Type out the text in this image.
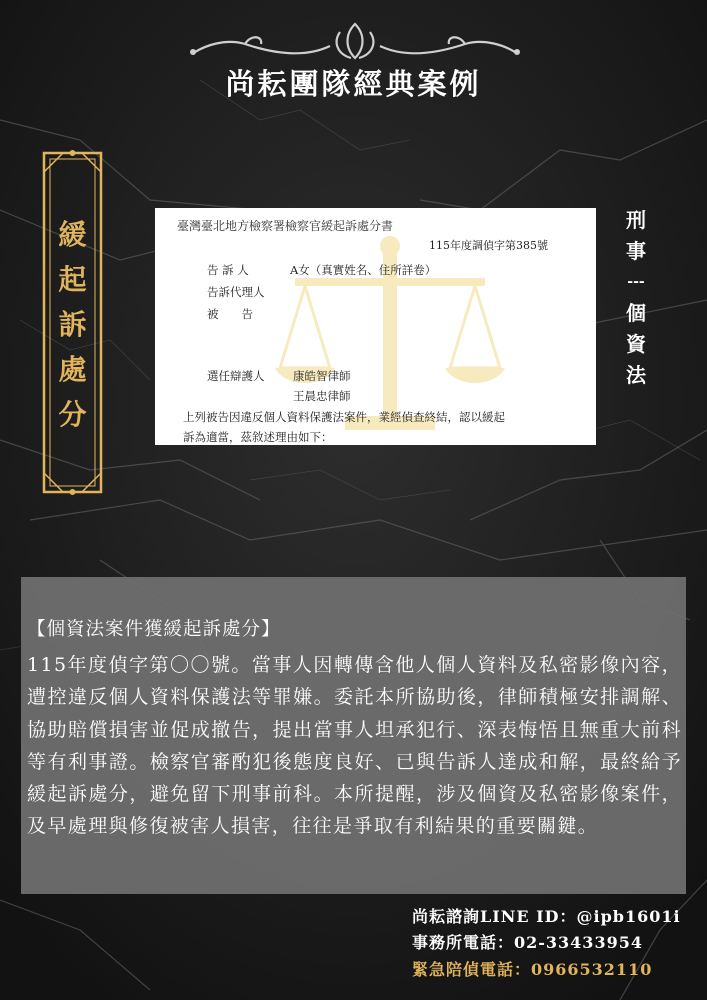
尚耘團隊經典案例
緩
起
訴
處
分
臺灣臺北地方檢察署檢察官緩起訴處分書
115年度調偵字第385號
告 訴 人	A女（真實姓名、住所詳卷）
告訴代理人
被　　告
選任辯護人 康皓智律師
王晨忠律師
上列被告因違反個人資料保護法案件，業經偵查終結，認以緩起
訴為適當，茲敘述理由如下：
刑
事
---
個
資
法
【個資法案件獲緩起訴處分】
115年度偵字第〇〇號。當事人因轉傳含他人個人資料及私密影像內容，遭控違反個人資料保護法等罪嫌。委託本所協助後，律師積極安排調解、協助賠償損害並促成撤告，提出當事人坦承犯行、深表悔悟且無重大前科等有利事證。檢察官審酌犯後態度良好、已與告訴人達成和解，最終給予緩起訴處分，避免留下刑事前科。本所提醒，涉及個資及私密影像案件，及早處理與修復被害人損害，往往是爭取有利結果的重要關鍵。
尚耘諮詢LINE ID：@ipb1601i
事務所電話：02-33433954
緊急陪偵電話：0966532110
